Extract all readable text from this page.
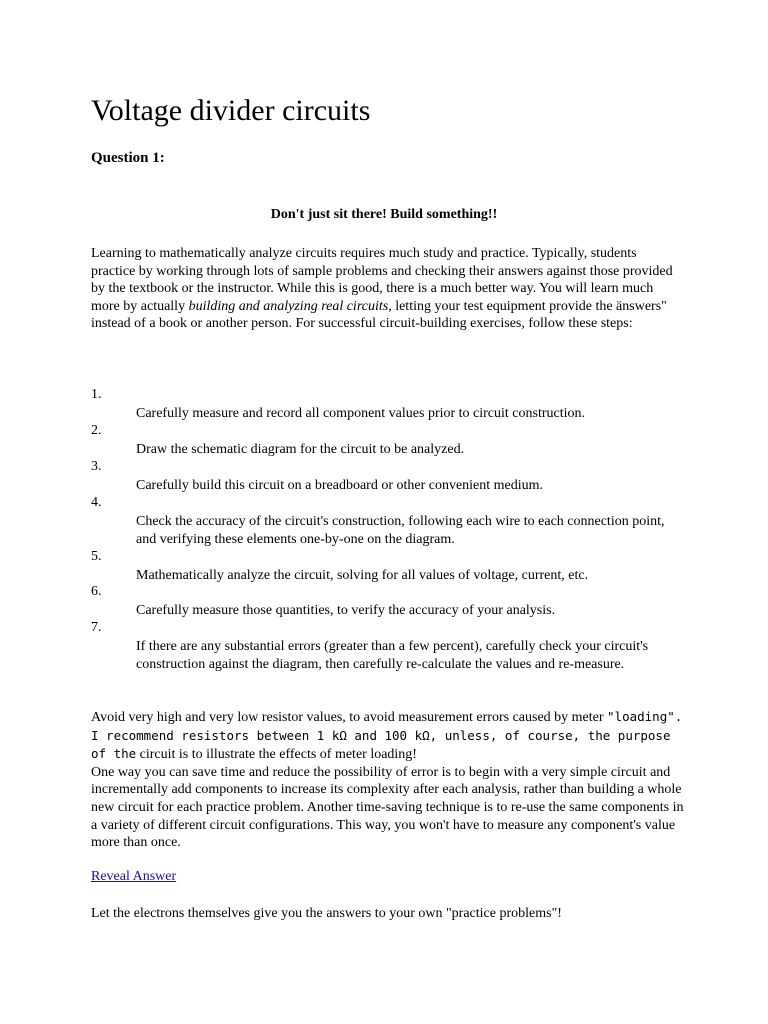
Voltage divider circuits
Question 1:
Don't just sit there! Build something!!

Learning to mathematically analyze circuits requires much study and practice. Typically, students practice by working through lots of sample problems and checking their answers against those provided by the textbook or the instructor. While this is good, there is a much better way. You will learn much more by actually building and analyzing real circuits, letting your test equipment provide the änswers" instead of a book or another person. For successful circuit-building exercises, follow these steps:

1.
Carefully measure and record all component values prior to circuit construction.
2.
Draw the schematic diagram for the circuit to be analyzed.
3.
Carefully build this circuit on a breadboard or other convenient medium.
4.
Check the accuracy of the circuit's construction, following each wire to each connection point, and verifying these elements one-by-one on the diagram.
5.
Mathematically analyze the circuit, solving for all values of voltage, current, etc.
6.
Carefully measure those quantities, to verify the accuracy of your analysis.
7.
If there are any substantial errors (greater than a few percent), carefully check your circuit's construction against the diagram, then carefully re-calculate the values and re-measure.

Avoid very high and very low resistor values, to avoid measurement errors caused by meter "loading". I recommend resistors between 1 kΩ and 100 kΩ, unless, of course, the purpose of the circuit is to illustrate the effects of meter loading!
One way you can save time and reduce the possibility of error is to begin with a very simple circuit and incrementally add components to increase its complexity after each analysis, rather than building a whole new circuit for each practice problem. Another time-saving technique is to re-use the same components in a variety of different circuit configurations. This way, you won't have to measure any component's value more than once.

Reveal Answer

Let the electrons themselves give you the answers to your own "practice problems"!
